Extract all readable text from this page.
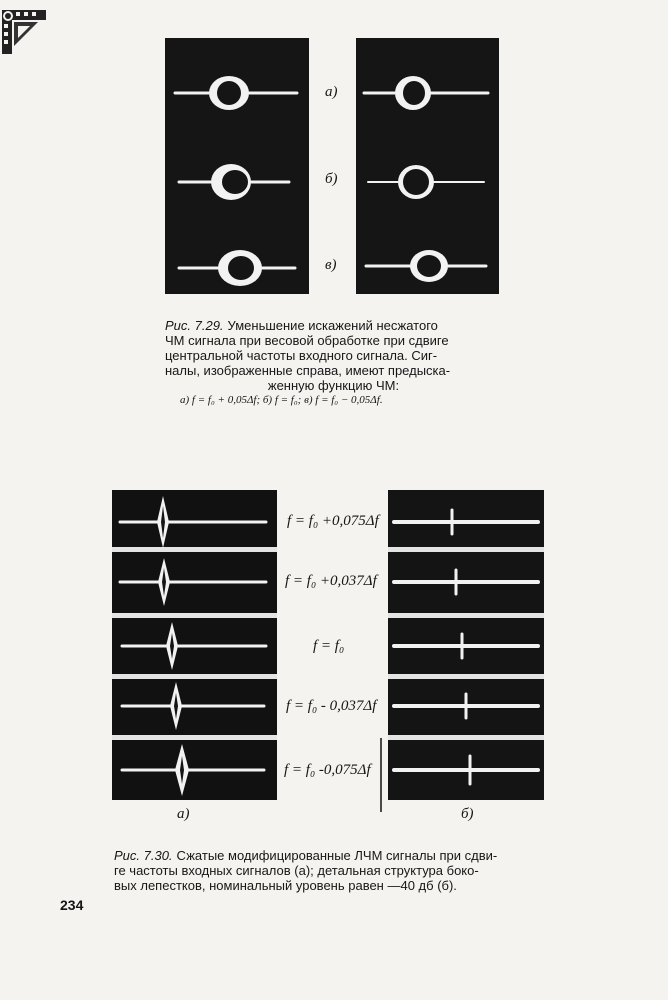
а)
б)
в)
Рис. 7.29. Уменьшение искажений несжатого
ЧМ сигнала при весовой обработке при сдвиге
центральной частоты входного сигнала. Сиг-
налы, изображенные справа, имеют предыска-
женную функцию ЧМ:
а) f = f₀ + 0,05Δf; б) f = f₀; в) f = f₀ − 0,05Δf.
f = f₀ +0,075Δf
f = f₀ +0,037Δf
f = f₀
f = f₀ - 0,037Δf
f = f₀ -0,075Δf
а)	б)
Рис. 7.30. Сжатые модифицированные ЛЧМ сигналы при сдви-
ге частоты входных сигналов (а); детальная структура боко-
вых лепестков, номинальный уровень равен —40 дб (б).
234
